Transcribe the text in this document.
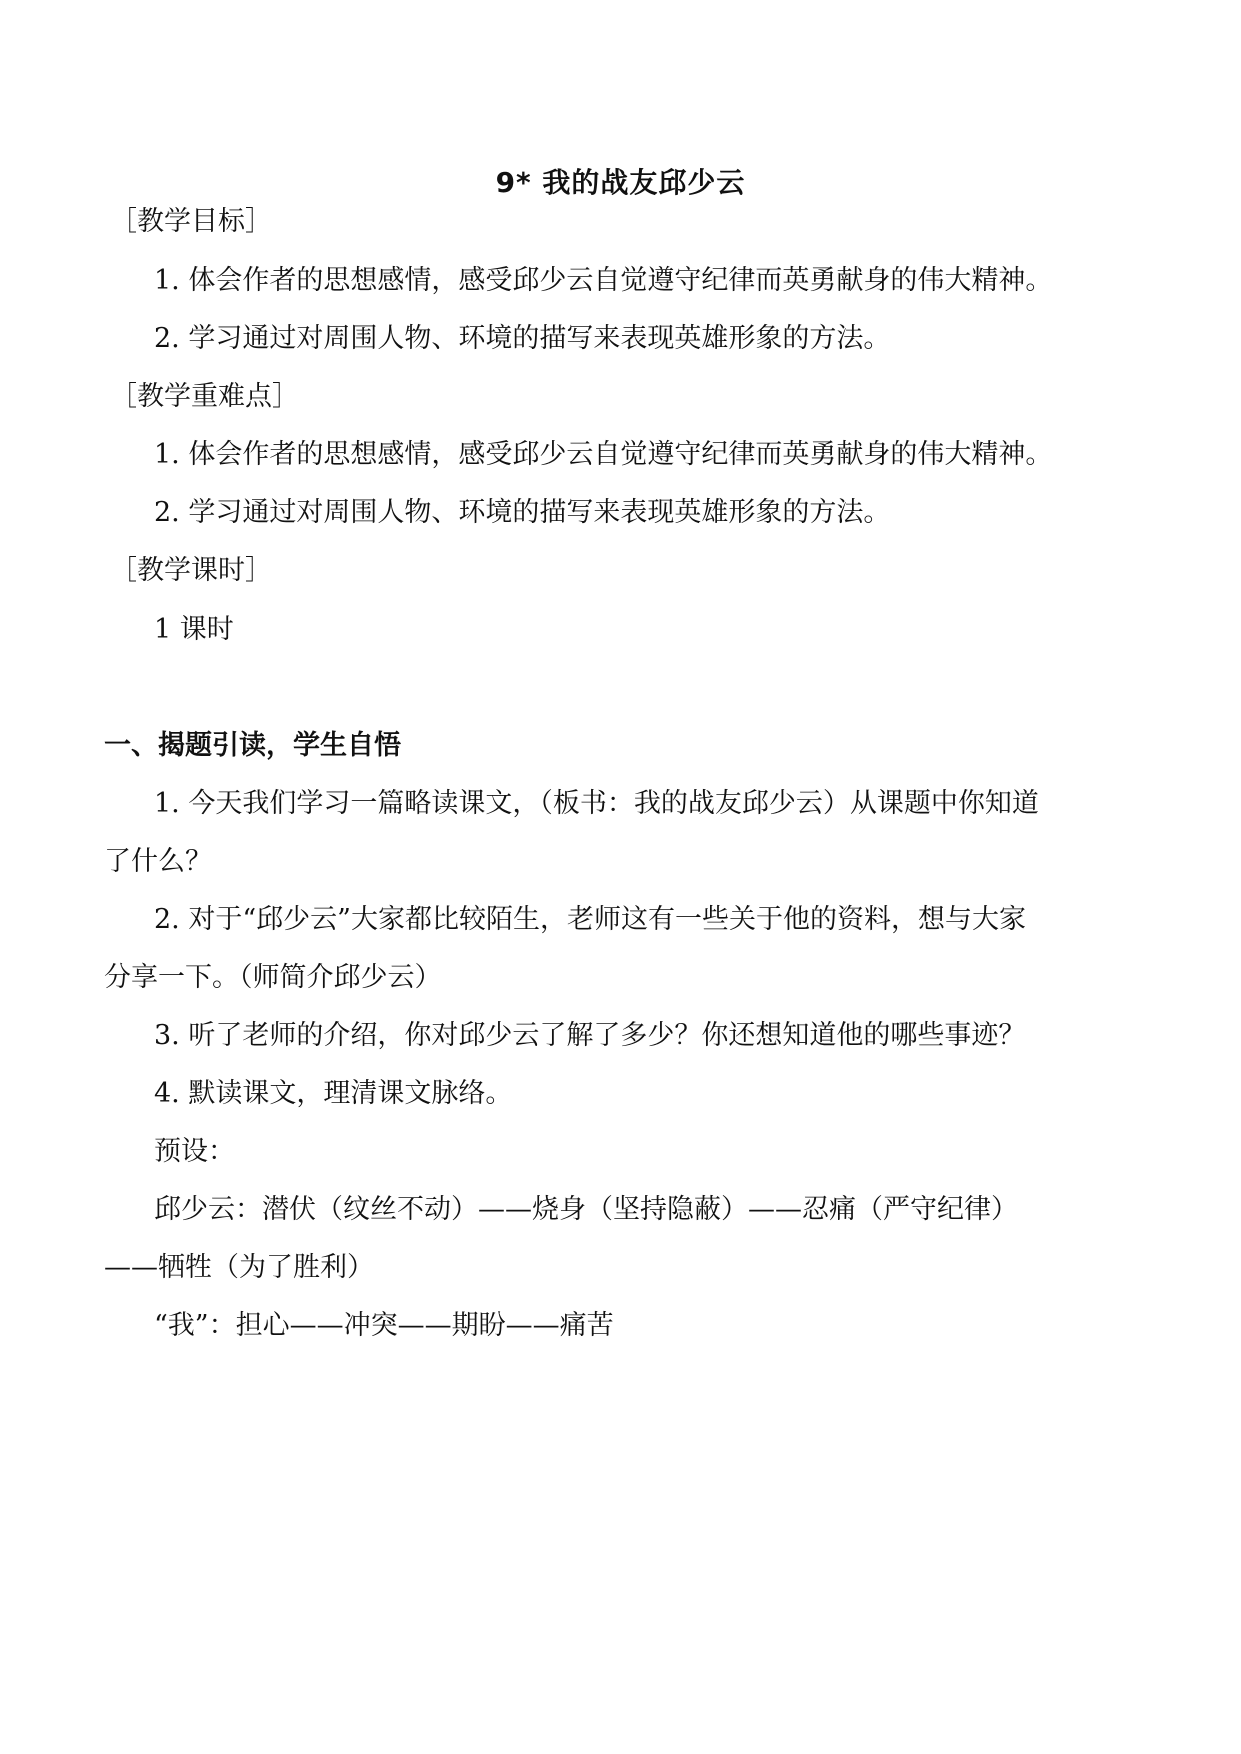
9* 我的战友邱少云
［教学目标］
1. 体会作者的思想感情，感受邱少云自觉遵守纪律而英勇献身的伟大精神。
2. 学习通过对周围人物、环境的描写来表现英雄形象的方法。
［教学重难点］
1. 体会作者的思想感情，感受邱少云自觉遵守纪律而英勇献身的伟大精神。
2. 学习通过对周围人物、环境的描写来表现英雄形象的方法。
［教学课时］
1 课时
一、揭题引读，学生自悟
1. 今天我们学习一篇略读课文，（板书：我的战友邱少云）从课题中你知道
了什么？
2. 对于“邱少云”大家都比较陌生，老师这有一些关于他的资料，想与大家
分享一下。（师简介邱少云）
3. 听了老师的介绍，你对邱少云了解了多少？你还想知道他的哪些事迹？
4. 默读课文，理清课文脉络。
预设：
邱少云：潜伏（纹丝不动）——烧身（坚持隐蔽）——忍痛（严守纪律）
——牺牲（为了胜利）
“我”：担心——冲突——期盼——痛苦
